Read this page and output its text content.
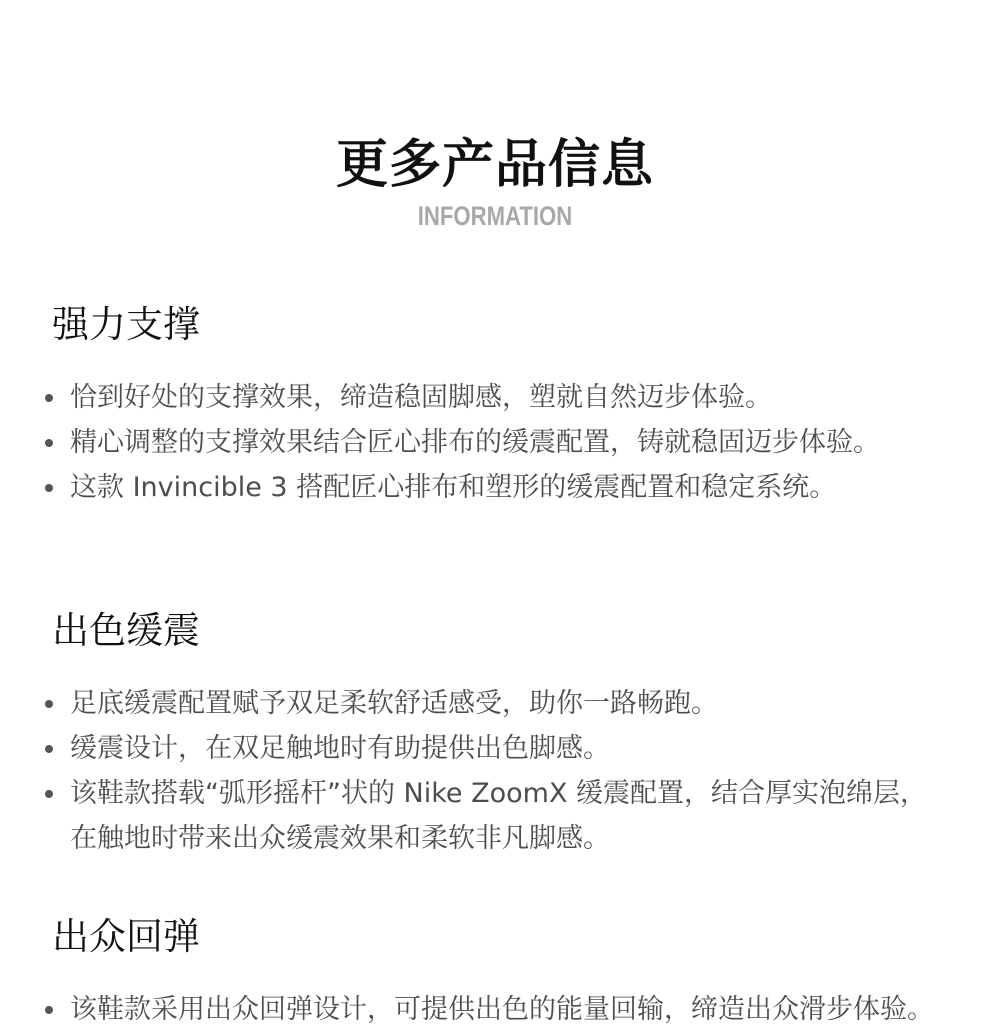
更多产品信息
INFORMATION
强力支撑
恰到好处的支撑效果，缔造稳固脚感，塑就自然迈步体验。
精心调整的支撑效果结合匠心排布的缓震配置，铸就稳固迈步体验。
这款 Invincible 3 搭配匠心排布和塑形的缓震配置和稳定系统。
出色缓震
足底缓震配置赋予双足柔软舒适感受，助你一路畅跑。
缓震设计，在双足触地时有助提供出色脚感。
该鞋款搭载“弧形摇杆”状的 Nike ZoomX 缓震配置，结合厚实泡绵层，在触地时带来出众缓震效果和柔软非凡脚感。
出众回弹
该鞋款采用出众回弹设计，可提供出色的能量回输，缔造出众滑步体验。
